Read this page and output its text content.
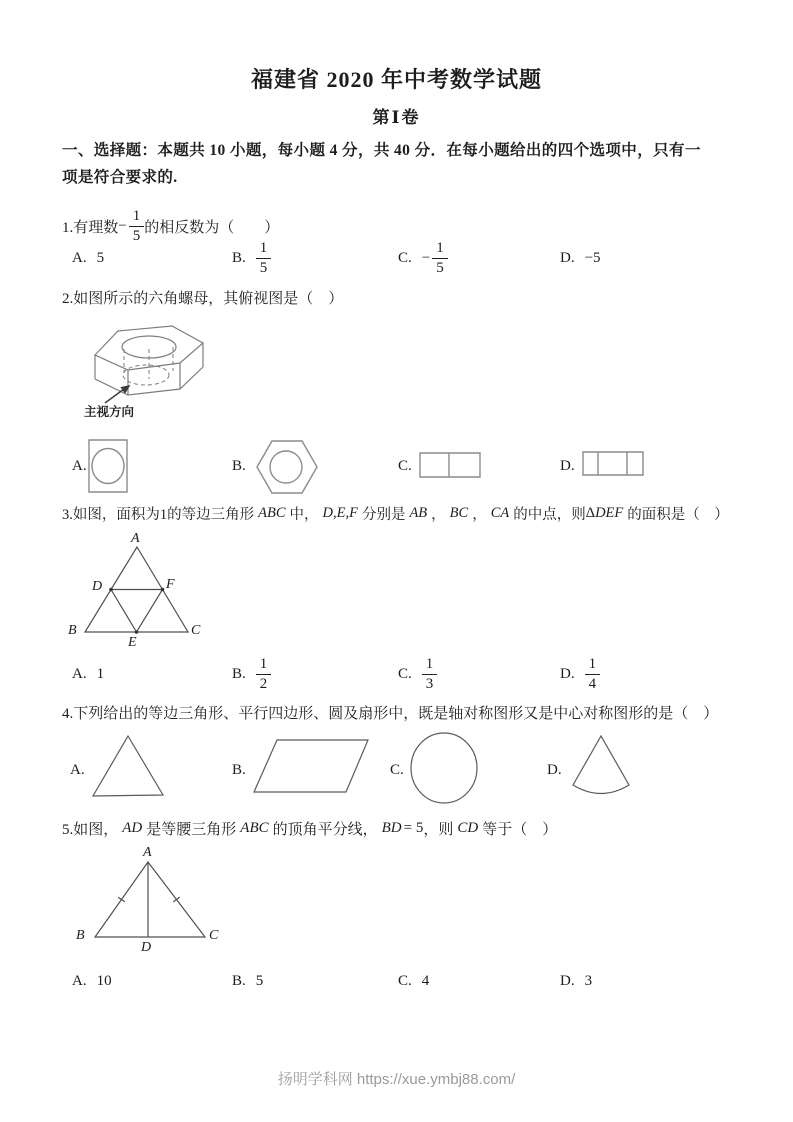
福建省 2020 年中考数学试题
第Ⅰ卷
一、选择题：本题共 10 小题，每小题 4 分，共 40 分．在每小题给出的四个选项中，只有一
项是符合要求的.
1.有理数 − $\frac{1}{5}$ 的相反数为（　　）
A. 5	B. $\frac{1}{5}$	C. − $\frac{1}{5}$	D. −5
2.如图所示的六角螺母，其俯视图是（　）
主视方向
A.	B.	C.	D.
3.如图，面积为1的等边三角形 ABC 中， D,E,F 分别是 AB ， BC ， CA 的中点，则 Δ DEF 的面积是（　）
A
B	C
D
E
F
A. 1	B. $\frac{1}{2}$	C. $\frac{1}{3}$	D. $\frac{1}{4}$
4.下列给出的等边三角形、平行四边形、圆及扇形中，既是轴对称图形又是中心对称图形的是（　）
A.	B.	C.	D.
5.如图， AD 是等腰三角形 ABC 的顶角平分线， BD = 5 ，则 CD 等于（　）
A
B	C
D
A. 10	B. 5	C. 4	D. 3
扬明学科网 https://xue.ymbj88.com/
